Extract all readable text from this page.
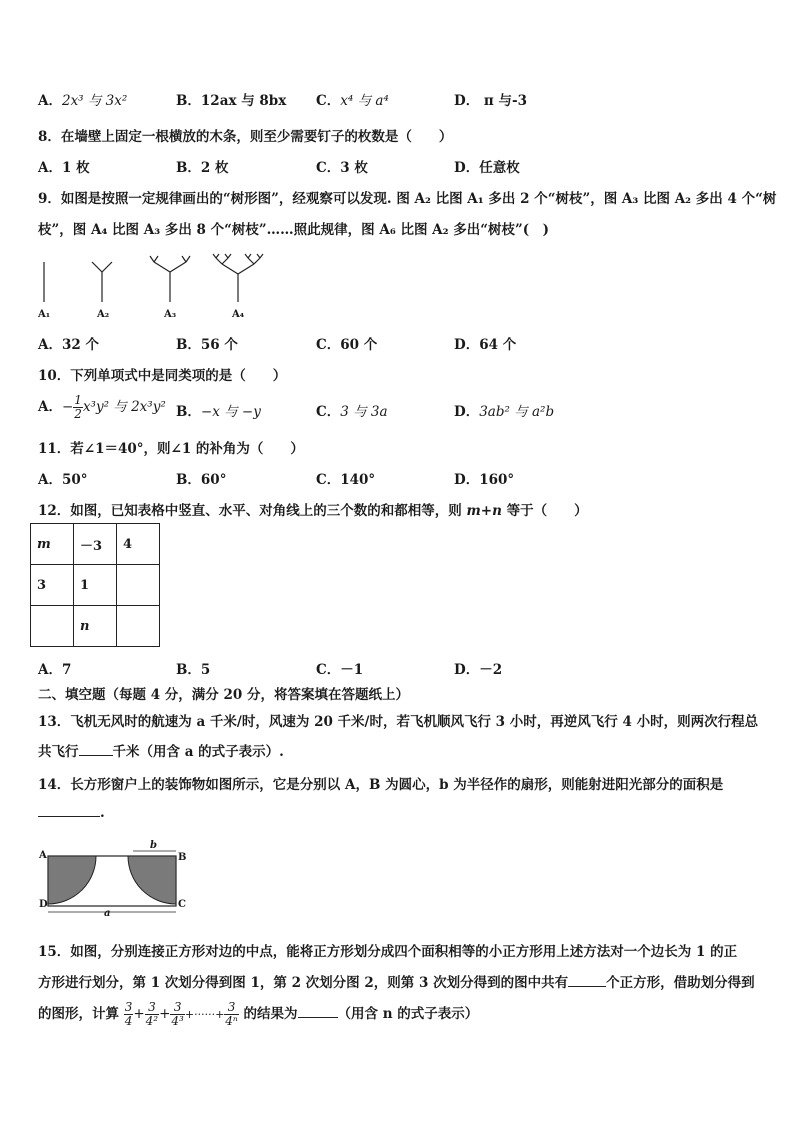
A．2x³ 与 3x²	B．12ax 与 8bx C．x⁴ 与 a⁴	D． π 与-3
8．在墙壁上固定一根横放的木条，则至少需要钉子的枚数是（　　）
A．1 枚	B．2 枚	C．3 枚	D．任意枚
9．如图是按照一定规律画出的“树形图”，经观察可以发现. 图 A₂ 比图 A₁ 多出 2 个“树枝”，图 A₃ 比图 A₂ 多出 4 个“树
枝”，图 A₄ 比图 A₃ 多出 8 个“树枝”……照此规律，图 A₆ 比图 A₂ 多出“树枝”(　)
A₁	A₂	A₃	A₄
A．32 个	B．56 个	C．60 个	D．64 个
10．下列单项式中是同类项的是（　　）
A．− $\frac{1}{2} x^3y^2$ 与 2x³y² B．−x 与 −y	C．3 与 3a	D．3ab² 与 a²b
11．若∠1＝40°，则∠1 的补角为（　　）
A．50°	B．60°	C．140°	D．160°
12．如图，已知表格中竖直、水平、对角线上的三个数的和都相等，则 m+n 等于（　　）
m	－3	4
3	1	
	n	
A．7	B．5	C．－1	D．－2
二、填空题（每题 4 分，满分 20 分，将答案填在答题纸上）
13．飞机无风时的航速为 a 千米/时，风速为 20 千米/时，若飞机顺风飞行 3 小时，再逆风飞行 4 小时，则两次行程总
共飞行	千米（用含 a 的式子表示）.
14．长方形窗户上的装饰物如图所示，它是分别以 A，B 为圆心，b 为半径作的扇形，则能射进阳光部分的面积是
.
A	B
D	C
b
a
15．如图，分别连接正方形对边的中点，能将正方形划分成四个面积相等的小正方形用上述方法对一个边长为 1 的正
方形进行划分，第 1 次划分得到图 1，第 2 次划分图 2，则第 3 次划分得到的图中共有	个正方形，借助划分得到
的图形，计算 $\frac{3}{4} + \frac{3}{\text{4²}} + \frac{3}{\text{4³}}$ +······+ $\frac{3}{\text{4ⁿ}}$ 的结果为	（用含 n 的式子表示）
